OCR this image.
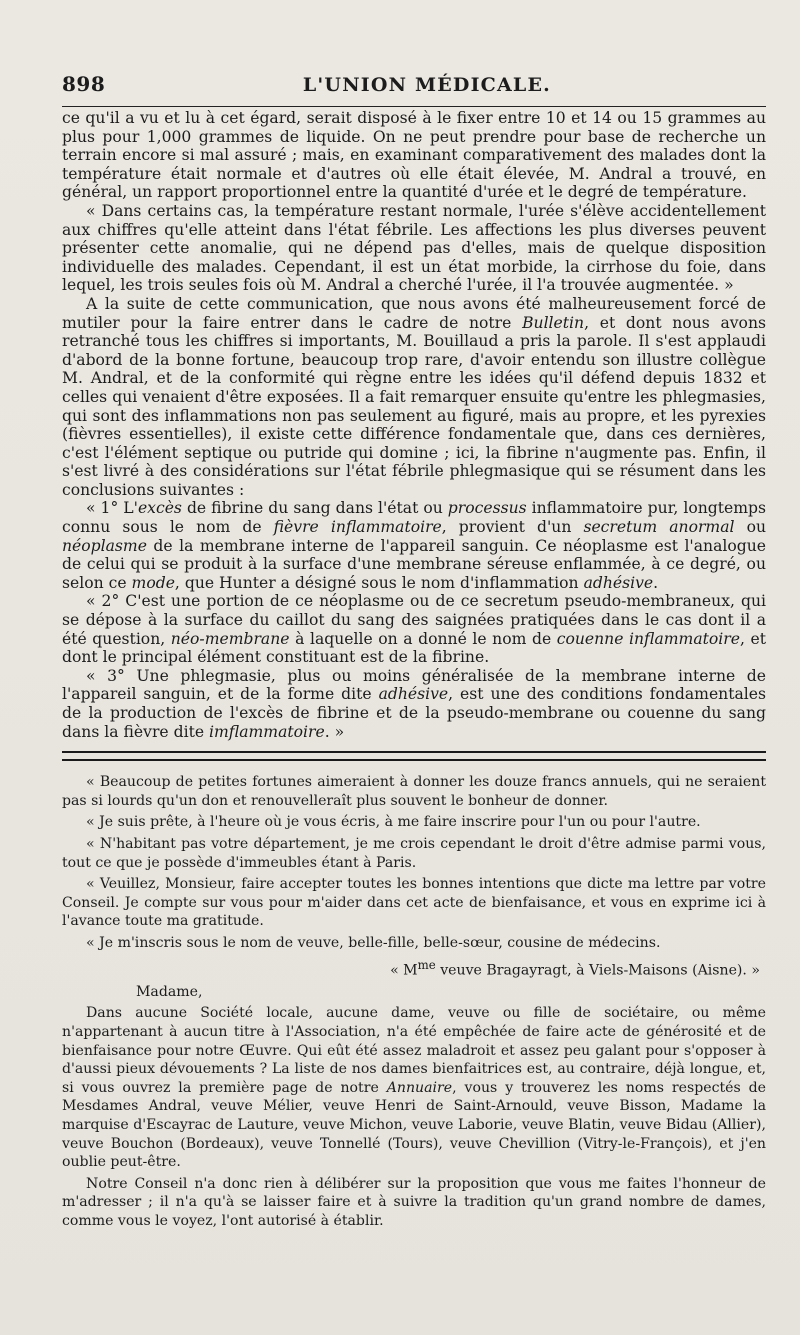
898	L'UNION MÉDICALE.

ce qu'il a vu et lu à cet égard, serait disposé à le fixer entre 10 et 14 ou 15 grammes au plus pour 1,000 grammes de liquide. On ne peut prendre pour base de recherche un terrain encore si mal assuré ; mais, en examinant comparativement des malades dont la température était normale et d'autres où elle était élevée, M. Andral a trouvé, en général, un rapport proportionnel entre la quantité d'urée et le degré de température.

« Dans certains cas, la température restant normale, l'urée s'élève accidentellement aux chiffres qu'elle atteint dans l'état fébrile. Les affections les plus diverses peuvent présenter cette anomalie, qui ne dépend pas d'elles, mais de quelque disposition individuelle des malades. Cependant, il est un état morbide, la cirrhose du foie, dans lequel, les trois seules fois où M. Andral a cherché l'urée, il l'a trouvée augmentée. »

A la suite de cette communication, que nous avons été malheureusement forcé de mutiler pour la faire entrer dans le cadre de notre Bulletin, et dont nous avons retranché tous les chiffres si importants, M. Bouillaud a pris la parole. Il s'est applaudi d'abord de la bonne fortune, beaucoup trop rare, d'avoir entendu son illustre collègue M. Andral, et de la conformité qui règne entre les idées qu'il défend depuis 1832 et celles qui venaient d'être exposées. Il a fait remarquer ensuite qu'entre les phlegmasies, qui sont des inflammations non pas seulement au figuré, mais au propre, et les pyrexies (fièvres essentielles), il existe cette différence fondamentale que, dans ces dernières, c'est l'élément septique ou putride qui domine ; ici, la fibrine n'augmente pas. Enfin, il s'est livré à des considérations sur l'état fébrile phlegmasique qui se résument dans les conclusions suivantes :

« 1° L'excès de fibrine du sang dans l'état ou processus inflammatoire pur, longtemps connu sous le nom de fièvre inflammatoire, provient d'un secretum anormal ou néoplasme de la membrane interne de l'appareil sanguin. Ce néoplasme est l'analogue de celui qui se produit à la surface d'une membrane séreuse enflammée, à ce degré, ou selon ce mode, que Hunter a désigné sous le nom d'inflammation adhésive.

« 2° C'est une portion de ce néoplasme ou de ce secretum pseudo-membraneux, qui se dépose à la surface du caillot du sang des saignées pratiquées dans le cas dont il a été question, néo-membrane à laquelle on a donné le nom de couenne inflammatoire, et dont le principal élément constituant est de la fibrine.

« 3° Une phlegmasie, plus ou moins généralisée de la membrane interne de l'appareil sanguin, et de la forme dite adhésive, est une des conditions fondamentales de la production de l'excès de fibrine et de la pseudo-membrane ou couenne du sang dans la fièvre dite imflammatoire. »

« Beaucoup de petites fortunes aimeraient à donner les douze francs annuels, qui ne seraient pas si lourds qu'un don et renouvelleraît plus souvent le bonheur de donner.

« Je suis prête, à l'heure où je vous écris, à me faire inscrire pour l'un ou pour l'autre.

« N'habitant pas votre département, je me crois cependant le droit d'être admise parmi vous, tout ce que je possède d'immeubles étant à Paris.

« Veuillez, Monsieur, faire accepter toutes les bonnes intentions que dicte ma lettre par votre Conseil. Je compte sur vous pour m'aider dans cet acte de bienfaisance, et vous en exprime ici à l'avance toute ma gratitude.

« Je m'inscris sous le nom de veuve, belle-fille, belle-sœur, cousine de médecins.

« $M^{me}$ veuve Bragayragt, à Viels-Maisons (Aisne). »

Madame,

Dans aucune Société locale, aucune dame, veuve ou fille de sociétaire, ou même n'appartenant à aucun titre à l'Association, n'a été empêchée de faire acte de générosité et de bienfaisance pour notre Œuvre. Qui eût été assez maladroit et assez peu galant pour s'opposer à d'aussi pieux dévouements ? La liste de nos dames bienfaitrices est, au contraire, déjà longue, et, si vous ouvrez la première page de notre Annuaire, vous y trouverez les noms respectés de Mesdames Andral, veuve Mélier, veuve Henri de Saint-Arnould, veuve Bisson, Madame la marquise d'Escayrac de Lauture, veuve Michon, veuve Laborie, veuve Blatin, veuve Bidau (Allier), veuve Bouchon (Bordeaux), veuve Tonnellé (Tours), veuve Chevillion (Vitry-le-François), et j'en oublie peut-être.

Notre Conseil n'a donc rien à délibérer sur la proposition que vous me faites l'honneur de m'adresser ; il n'a qu'à se laisser faire et à suivre la tradition qu'un grand nombre de dames, comme vous le voyez, l'ont autorisé à établir.
